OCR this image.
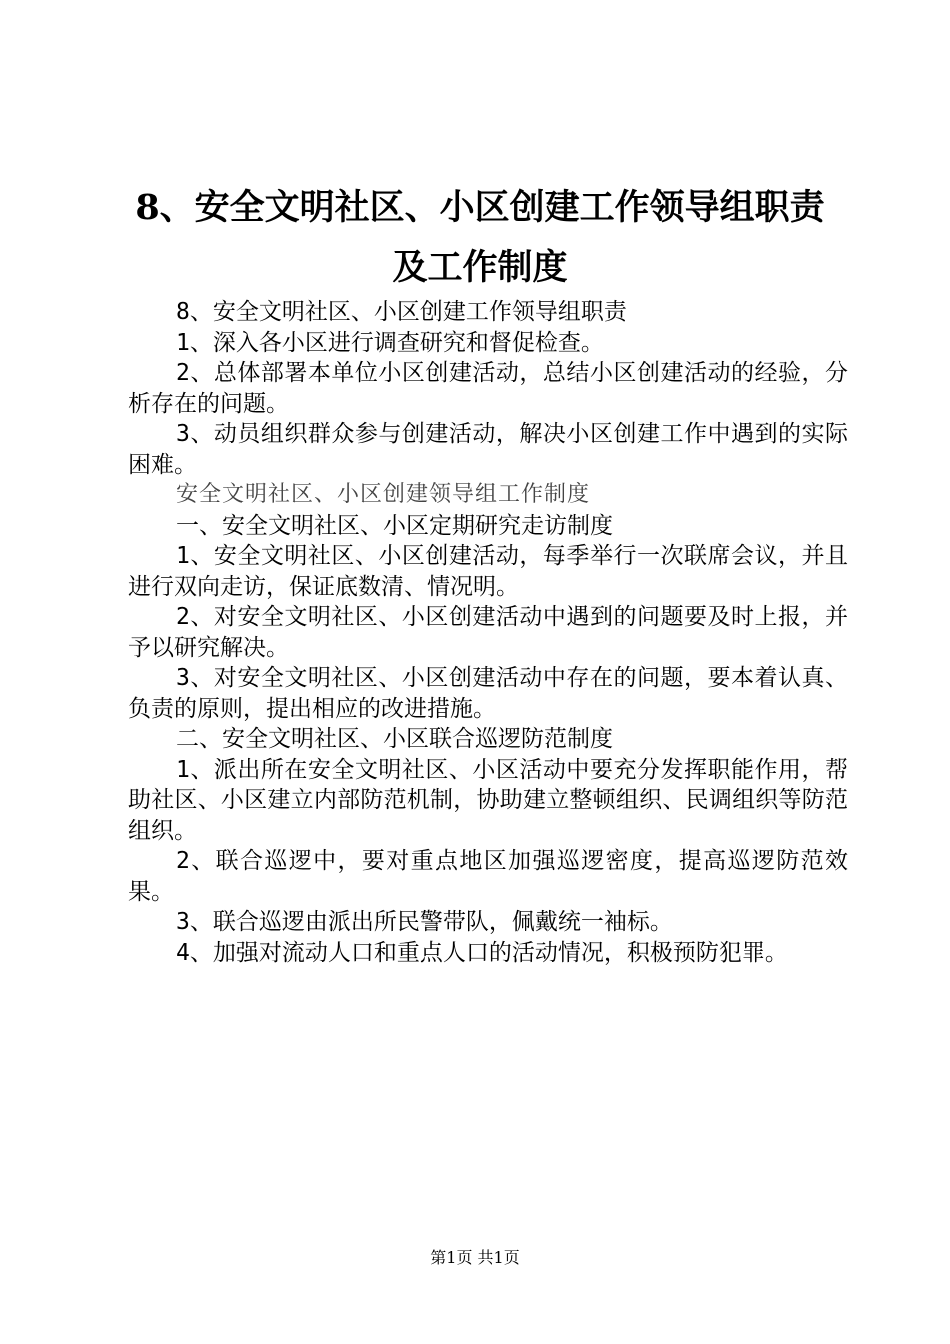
8、安全文明社区、小区创建工作领导组职责
及工作制度

8、安全文明社区、小区创建工作领导组职责

1、深入各小区进行调查研究和督促检查。

2、总体部署本单位小区创建活动，总结小区创建活动的经验，分析存在的问题。

3、动员组织群众参与创建活动，解决小区创建工作中遇到的实际困难。

安全文明社区、小区创建领导组工作制度

一、安全文明社区、小区定期研究走访制度

1、安全文明社区、小区创建活动，每季举行一次联席会议，并且进行双向走访，保证底数清、情况明。

2、对安全文明社区、小区创建活动中遇到的问题要及时上报，并予以研究解决。

3、对安全文明社区、小区创建活动中存在的问题，要本着认真、负责的原则，提出相应的改进措施。

二、安全文明社区、小区联合巡逻防范制度

1、派出所在安全文明社区、小区活动中要充分发挥职能作用，帮助社区、小区建立内部防范机制，协助建立整顿组织、民调组织等防范组织。

2、联合巡逻中，要对重点地区加强巡逻密度，提高巡逻防范效果。

3、联合巡逻由派出所民警带队，佩戴统一袖标。

4、加强对流动人口和重点人口的活动情况，积极预防犯罪。

第1页 共1页
